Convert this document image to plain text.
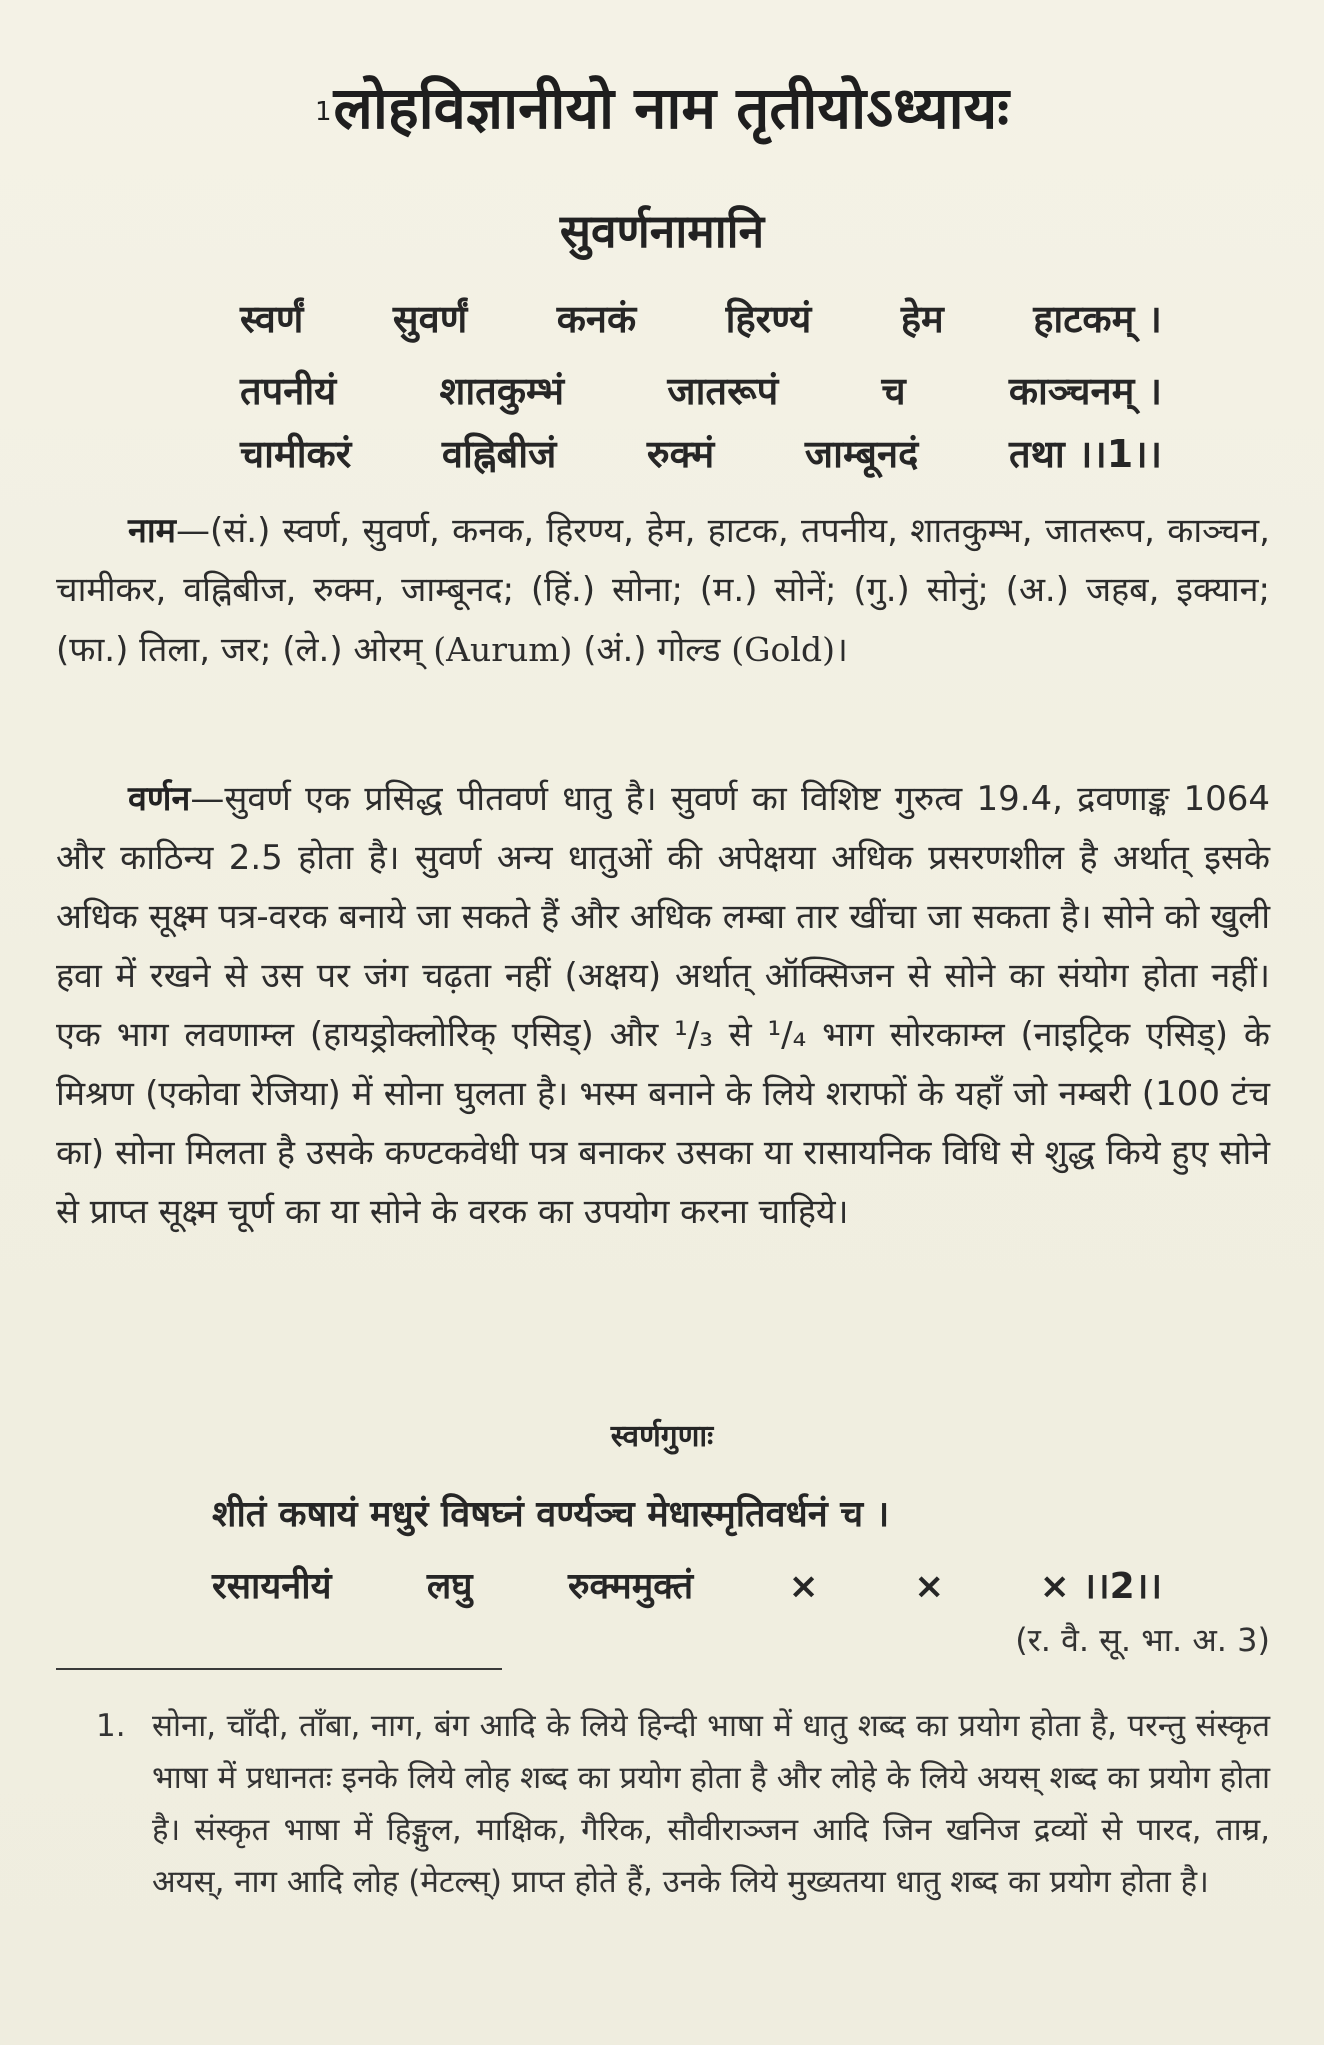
$^1$लोहविज्ञानीयो नाम तृतीयोऽध्यायः
सुवर्णनामानि
स्वर्णं सुवर्णं कनकं हिरण्यं हेम हाटकम् ।
तपनीयं	शातकुम्भं	जातरूपं	च	काञ्चनम् ।
चामीकरं वह्निबीजं रुक्मं जाम्बूनदं तथा ।।1।।
नाम—(सं.) स्वर्ण, सुवर्ण, कनक, हिरण्य, हेम, हाटक, तपनीय, शातकुम्भ, जातरूप, काञ्चन, चामीकर, वह्निबीज, रुक्म, जाम्बूनद; (हिं.) सोना; (म.) सोनें; (गु.) सोनुं; (अ.) जहब, इक्यान; (फा.) तिला, जर; (ले.) ओरम् (Aurum) (अं.) गोल्ड (Gold)।
वर्णन—सुवर्ण एक प्रसिद्ध पीतवर्ण धातु है। सुवर्ण का विशिष्ट गुरुत्व 19.4, द्रवणाङ्क 1064 और काठिन्य 2.5 होता है। सुवर्ण अन्य धातुओं की अपेक्षया अधिक प्रसरणशील है अर्थात् इसके अधिक सूक्ष्म पत्र-वरक बनाये जा सकते हैं और अधिक लम्बा तार खींचा जा सकता है। सोने को खुली हवा में रखने से उस पर जंग चढ़ता नहीं (अक्षय) अर्थात् ऑक्सिजन से सोने का संयोग होता नहीं। एक भाग लवणाम्ल (हायड्रोक्लोरिक् एसिड्) और ¹/₃ से ¹/₄ भाग सोरकाम्ल (नाइट्रिक एसिड्) के मिश्रण (एकोवा रेजिया) में सोना घुलता है। भस्म बनाने के लिये शराफों के यहाँ जो नम्बरी (100 टंच का) सोना मिलता है उसके कण्टकवेधी पत्र बनाकर उसका या रासायनिक विधि से शुद्ध किये हुए सोने से प्राप्त सूक्ष्म चूर्ण का या सोने के वरक का उपयोग करना चाहिये।
स्वर्णगुणाः
शीतं कषायं मधुरं विषघ्नं वर्ण्यञ्च मेधास्मृतिवर्धनं च ।
रसायनीयं	लघु	रुक्ममुक्तं	×	×	× ।।2।।
(र. वै. सू. भा. अ. 3)
1. सोना, चाँदी, ताँबा, नाग, बंग आदि के लिये हिन्दी भाषा में धातु शब्द का प्रयोग होता है, परन्तु संस्कृत भाषा में प्रधानतः इनके लिये लोह शब्द का प्रयोग होता है और लोहे के लिये अयस् शब्द का प्रयोग होता है। संस्कृत भाषा में हिङ्गुल, माक्षिक, गैरिक, सौवीराञ्जन आदि जिन खनिज द्रव्यों से पारद, ताम्र, अयस्, नाग आदि लोह (मेटल्स्) प्राप्त होते हैं, उनके लिये मुख्यतया धातु शब्द का प्रयोग होता है।
